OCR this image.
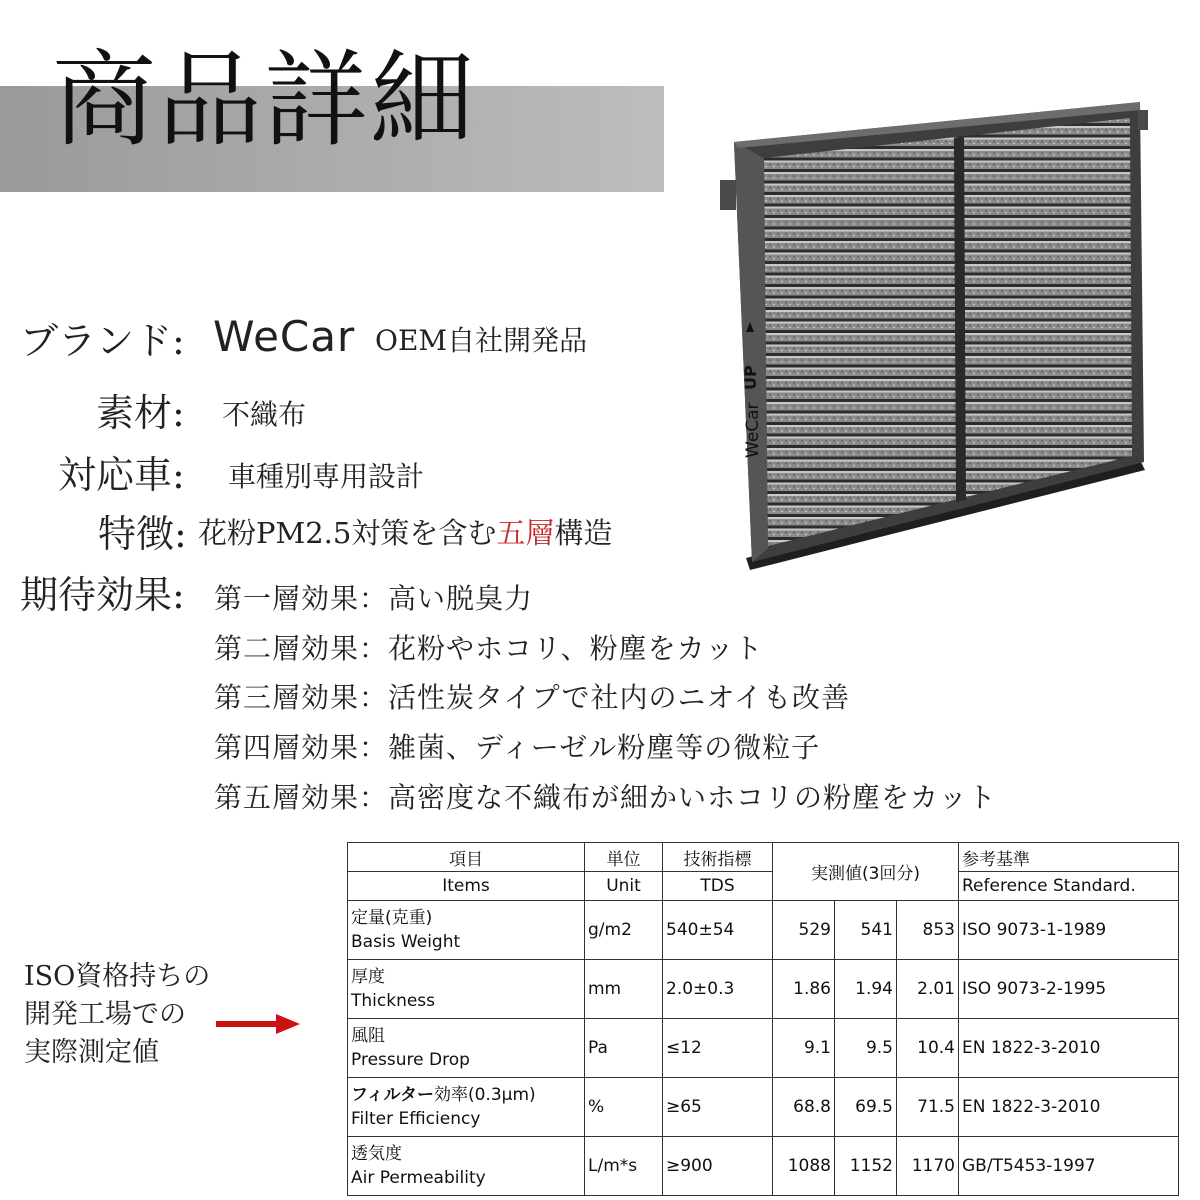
商品詳細
ブランド: WeCar OEM自社開発品
素材: 不織布
対応車: 車種別専用設計
特徴: 花粉PM2.5対策を含む五層構造
期待効果: 第一層効果：高い脱臭力
第二層効果：花粉やホコリ、粉塵をカット
第三層効果：活性炭タイプで社内のニオイも改善
第四層効果：雑菌、ディーゼル粉塵等の微粒子
第五層効果：高密度な不織布が細かいホコリの粉塵をカット
UP
WeCar
ISO資格持ちの
開発工場での
実際測定値
項目	単位	技術指標	実測値(3回分)			参考基準
Items	Unit	TDS				Reference Standard.

定量(克重)
Basis Weight	g/m2	540±54	529	541	853	ISO 9073-1-1989

厚度
Thickness	mm	2.0±0.3	1.86	1.94	2.01	ISO 9073-2-1995

風阻
Pressure Drop	Pa	≤12	9.1	9.5	10.4	EN 1822-3-2010

フィルター効率(0.3μm)
Filter Efficiency	%	≥65	68.8	69.5	71.5	EN 1822-3-2010

透気度
Air Permeability	L/m*s	≥900	1088	1152	1170	GB/T5453-1997
